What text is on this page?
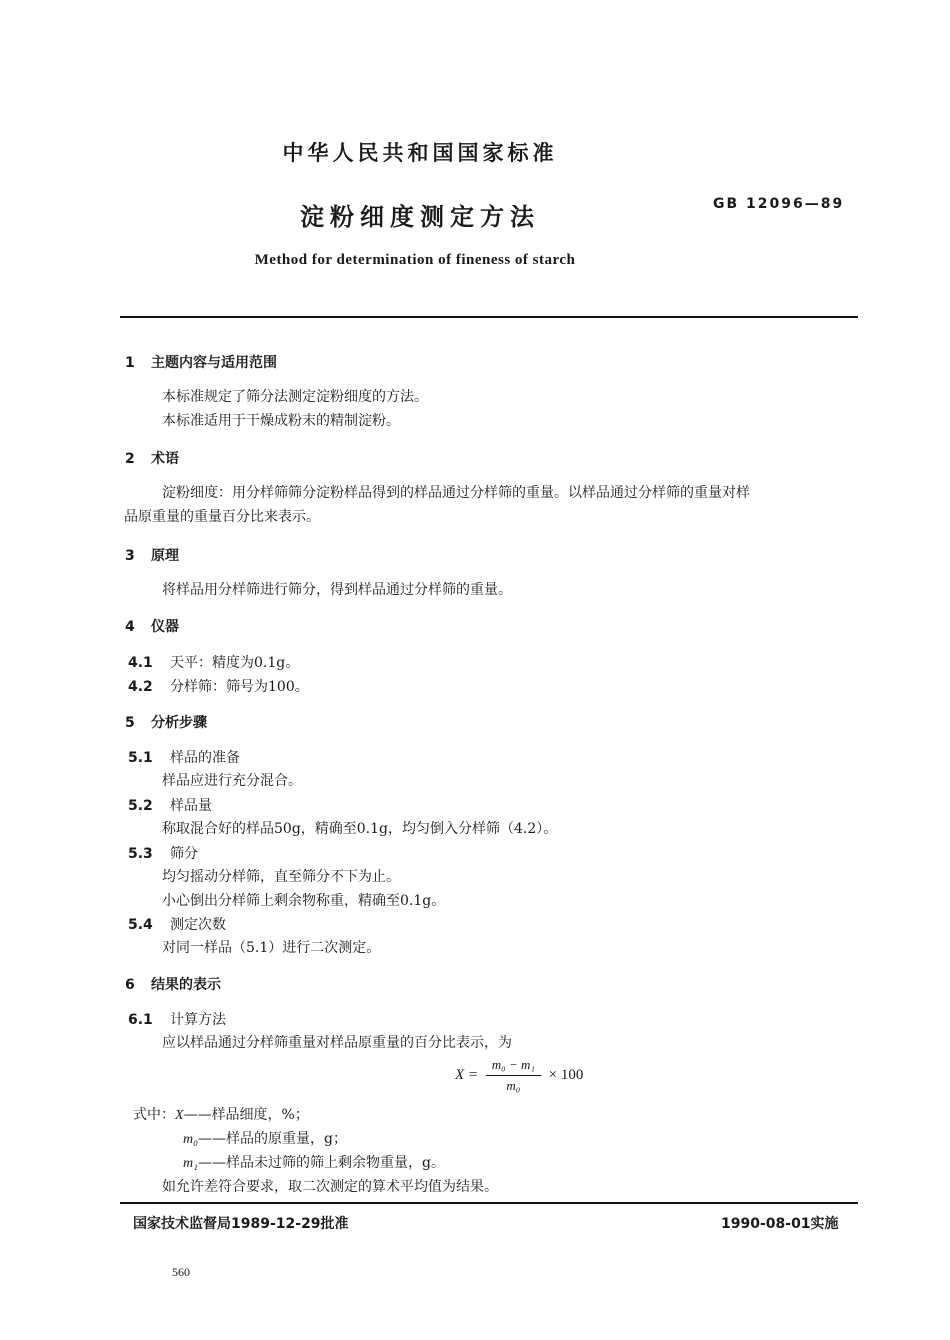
中华人民共和国国家标准
淀粉细度测定方法	GB 12096—89
Method for determination of fineness of starch
1 主题内容与适用范围
本标准规定了筛分法测定淀粉细度的方法。
本标准适用于干燥成粉末的精制淀粉。
2 术语
淀粉细度：用分样筛筛分淀粉样品得到的样品通过分样筛的重量。以样品通过分样筛的重量对样
品原重量的重量百分比来表示。
3 原理
将样品用分样筛进行筛分，得到样品通过分样筛的重量。
4 仪器
4.1 天平：精度为0.1g。
4.2 分样筛：筛号为100。
5 分析步骤
5.1 样品的准备
样品应进行充分混合。
5.2 样品量
称取混合好的样品50g，精确至0.1g，均匀倒入分样筛（4.2）。
5.3 筛分
均匀摇动分样筛，直至筛分不下为止。
小心倒出分样筛上剩余物称重，精确至0.1g。
5.4 测定次数
对同一样品（5.1）进行二次测定。
6 结果的表示
6.1 计算方法
应以样品通过分样筛重量对样品原重量的百分比表示，为
$X = \frac{\text{m₀ − m₁}}{\text{m₀}} \times 100$
式中：X——样品细度，%；
m₀——样品的原重量，g；
m₁——样品未过筛的筛上剩余物重量，g。
如允许差符合要求，取二次测定的算术平均值为结果。
国家技术监督局1989-12-29批准	1990-08-01实施
560
